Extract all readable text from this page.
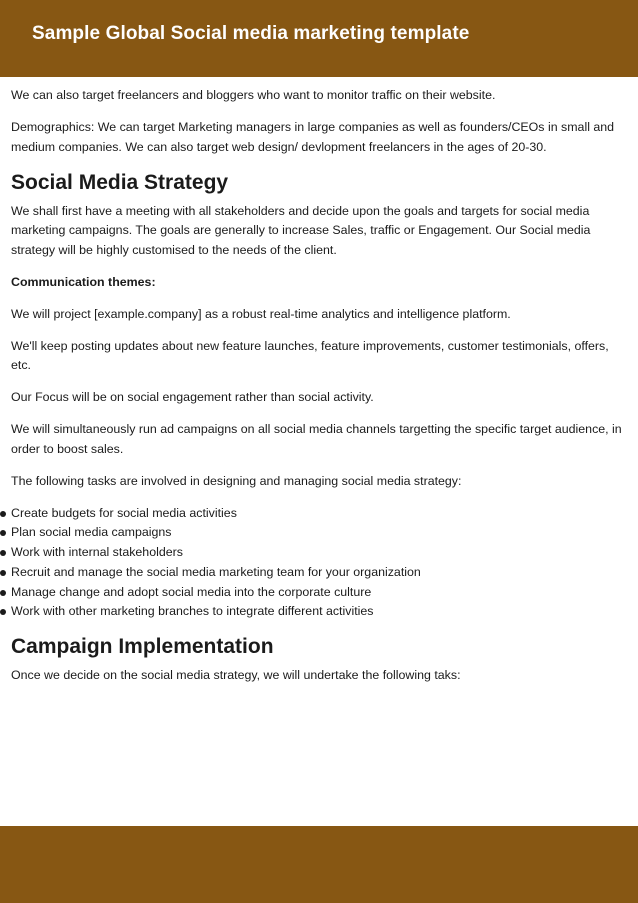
Sample Global Social media marketing template

We can also target freelancers and bloggers who want to monitor traffic on their website.

Demographics: We can target Marketing managers in large companies as well as founders/CEOs in small and medium companies. We can also target web design/ devlopment freelancers in the ages of 20-30.

Social Media Strategy

We shall first have a meeting with all stakeholders and decide upon the goals and targets for social media marketing campaigns. The goals are generally to increase Sales, traffic or Engagement. Our Social media strategy will be highly customised to the needs of the client.

Communication themes:

We will project [example.company] as a robust real-time analytics and intelligence platform.

We'll keep posting updates about new feature launches, feature improvements, customer testimonials, offers, etc.

Our Focus will be on social engagement rather than social activity.

We will simultaneously run ad campaigns on all social media channels targetting the specific target audience, in order to boost sales.

The following tasks are involved in designing and managing social media strategy:

Create budgets for social media activities
Plan social media campaigns
Work with internal stakeholders
Recruit and manage the social media marketing team for your organization
Manage change and adopt social media into the corporate culture
Work with other marketing branches to integrate different activities
Campaign Implementation

Once we decide on the social media strategy, we will undertake the following taks:
